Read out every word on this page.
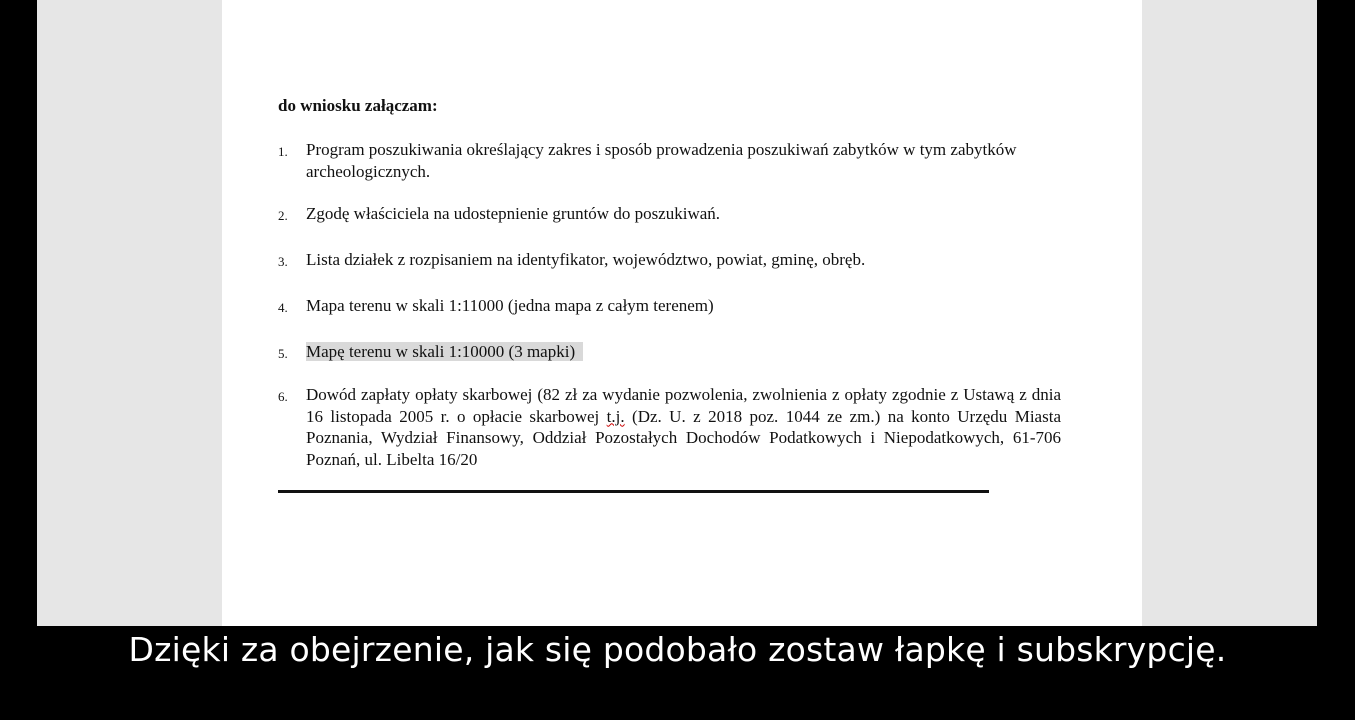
do wniosku załączam:

1.	Program poszukiwania określający zakres i sposób prowadzenia poszukiwań zabytków w tym zabytków archeologicznych.
2.	Zgodę właściciela na udostepnienie gruntów do poszukiwań.
3.	Lista działek z rozpisaniem na identyfikator, województwo, powiat, gminę, obręb.
4.	Mapa terenu w skali 1:11000 (jedna mapa z całym terenem)
5.	Mapę terenu w skali 1:10000 (3 mapki)
6.	Dowód zapłaty opłaty skarbowej (82 zł za wydanie pozwolenia, zwolnienia z opłaty zgodnie z Ustawą z dnia 16 listopada 2005 r. o opłacie skarbowej t.j. (Dz. U. z 2018 poz. 1044 ze zm.) na konto Urzędu Miasta Poznania, Wydział Finansowy, Oddział Pozostałych Dochodów Podatkowych i Niepodatkowych, 61-706 Poznań, ul. Libelta 16/20
Dzięki za obejrzenie, jak się podobało zostaw łapkę i subskrypcję.
